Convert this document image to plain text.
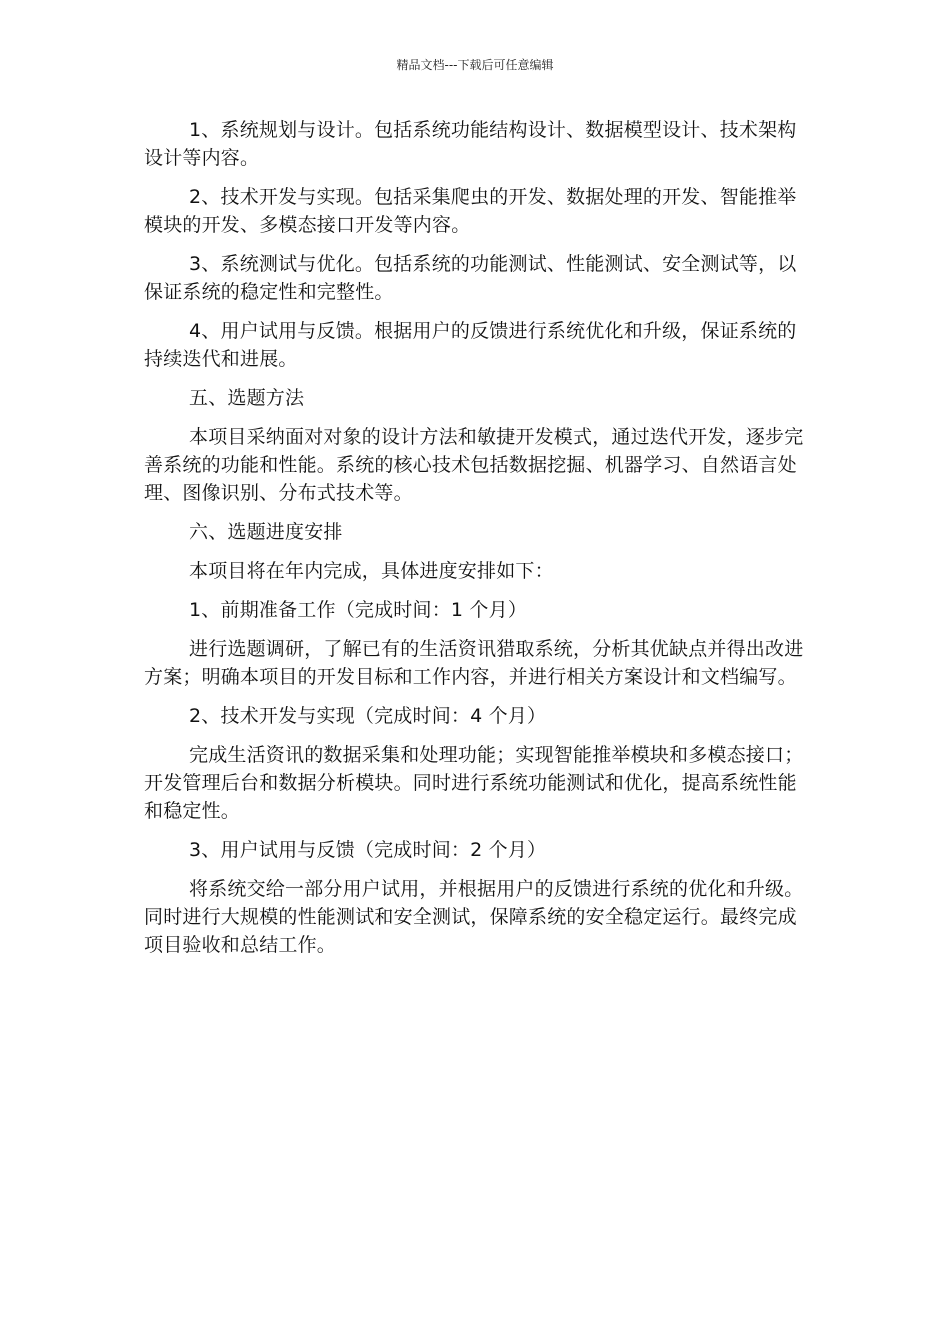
精品文档---下载后可任意编辑

1、系统规划与设计。包括系统功能结构设计、数据模型设计、技术架构设计等内容。

2、技术开发与实现。包括采集爬虫的开发、数据处理的开发、智能推举模块的开发、多模态接口开发等内容。

3、系统测试与优化。包括系统的功能测试、性能测试、安全测试等，以保证系统的稳定性和完整性。

4、用户试用与反馈。根据用户的反馈进行系统优化和升级，保证系统的持续迭代和进展。

五、选题方法

本项目采纳面对对象的设计方法和敏捷开发模式，通过迭代开发，逐步完善系统的功能和性能。系统的核心技术包括数据挖掘、机器学习、自然语言处理、图像识别、分布式技术等。

六、选题进度安排

本项目将在年内完成，具体进度安排如下：

1、前期准备工作（完成时间：1 个月）

进行选题调研，了解已有的生活资讯猎取系统，分析其优缺点并得出改进方案；明确本项目的开发目标和工作内容，并进行相关方案设计和文档编写。

2、技术开发与实现（完成时间：4 个月）

完成生活资讯的数据采集和处理功能；实现智能推举模块和多模态接口；开发管理后台和数据分析模块。同时进行系统功能测试和优化，提高系统性能和稳定性。

3、用户试用与反馈（完成时间：2 个月）

将系统交给一部分用户试用，并根据用户的反馈进行系统的优化和升级。同时进行大规模的性能测试和安全测试，保障系统的安全稳定运行。最终完成项目验收和总结工作。
